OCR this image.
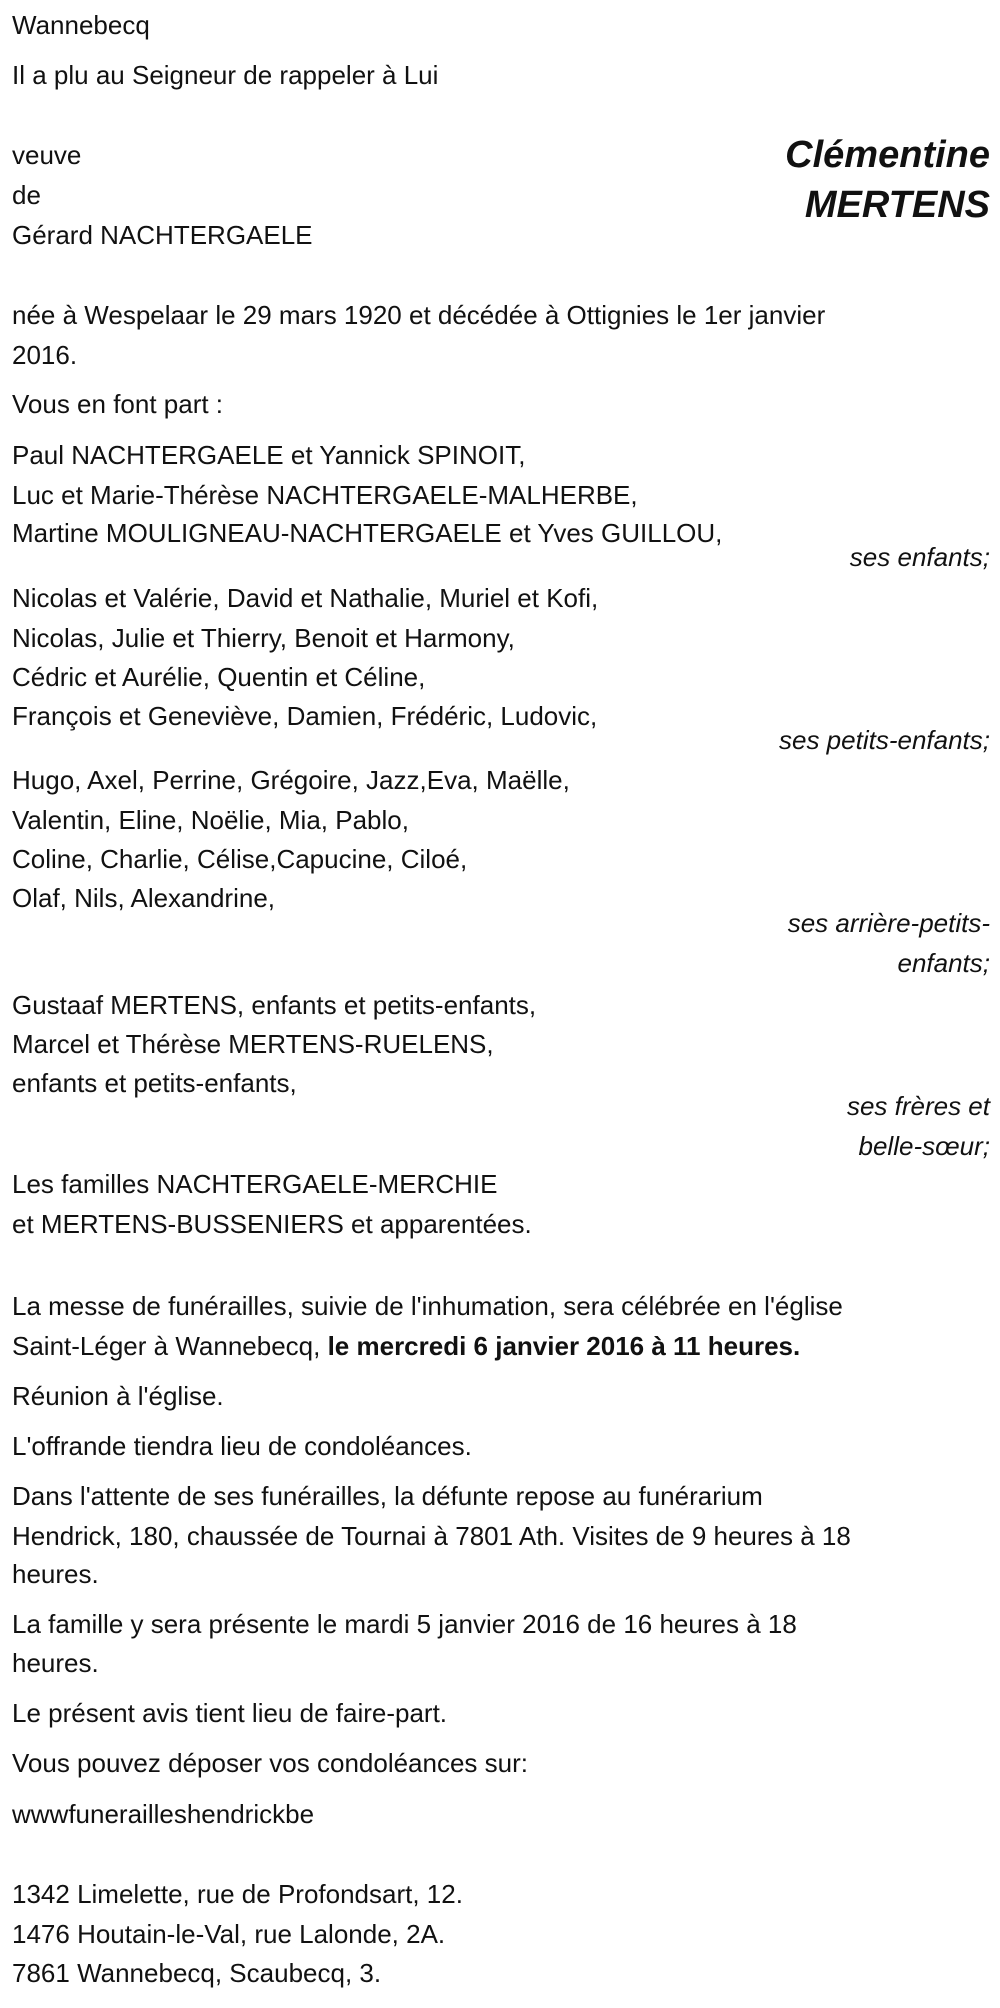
Wannebecq
Il a plu au Seigneur de rappeler à Lui
veuve
de
Gérard NACHTERGAELE
Clémentine
MERTENS
née à Wespelaar le 29 mars 1920 et décédée à Ottignies le 1er janvier
2016.
Vous en font part :
Paul NACHTERGAELE et Yannick SPINOIT,
Luc et Marie-Thérèse NACHTERGAELE-MALHERBE,
Martine MOULIGNEAU-NACHTERGAELE et Yves GUILLOU,
ses enfants;
Nicolas et Valérie, David et Nathalie, Muriel et Kofi,
Nicolas, Julie et Thierry, Benoit et Harmony,
Cédric et Aurélie, Quentin et Céline,
François et Geneviève, Damien, Frédéric, Ludovic,
ses petits-enfants;
Hugo, Axel, Perrine, Grégoire, Jazz,Eva, Maëlle,
Valentin, Eline, Noëlie, Mia, Pablo,
Coline, Charlie, Célise,Capucine, Ciloé,
Olaf, Nils, Alexandrine,
ses arrière-petits-
enfants;
Gustaaf MERTENS, enfants et petits-enfants,
Marcel et Thérèse MERTENS-RUELENS,
enfants et petits-enfants,
ses frères et
belle-sœur;
Les familles NACHTERGAELE-MERCHIE
et MERTENS-BUSSENIERS et apparentées.
La messe de funérailles, suivie de l'inhumation, sera célébrée en l'église
Saint-Léger à Wannebecq, le mercredi 6 janvier 2016 à 11 heures.
Réunion à l'église.
L'offrande tiendra lieu de condoléances.
Dans l'attente de ses funérailles, la défunte repose au funérarium
Hendrick, 180, chaussée de Tournai à 7801 Ath. Visites de 9 heures à 18
heures.
La famille y sera présente le mardi 5 janvier 2016 de 16 heures à 18
heures.
Le présent avis tient lieu de faire-part.
Vous pouvez déposer vos condoléances sur:
wwwfunerailleshendrickbe
1342 Limelette, rue de Profondsart, 12.
1476 Houtain-le-Val, rue Lalonde, 2A.
7861 Wannebecq, Scaubecq, 3.
